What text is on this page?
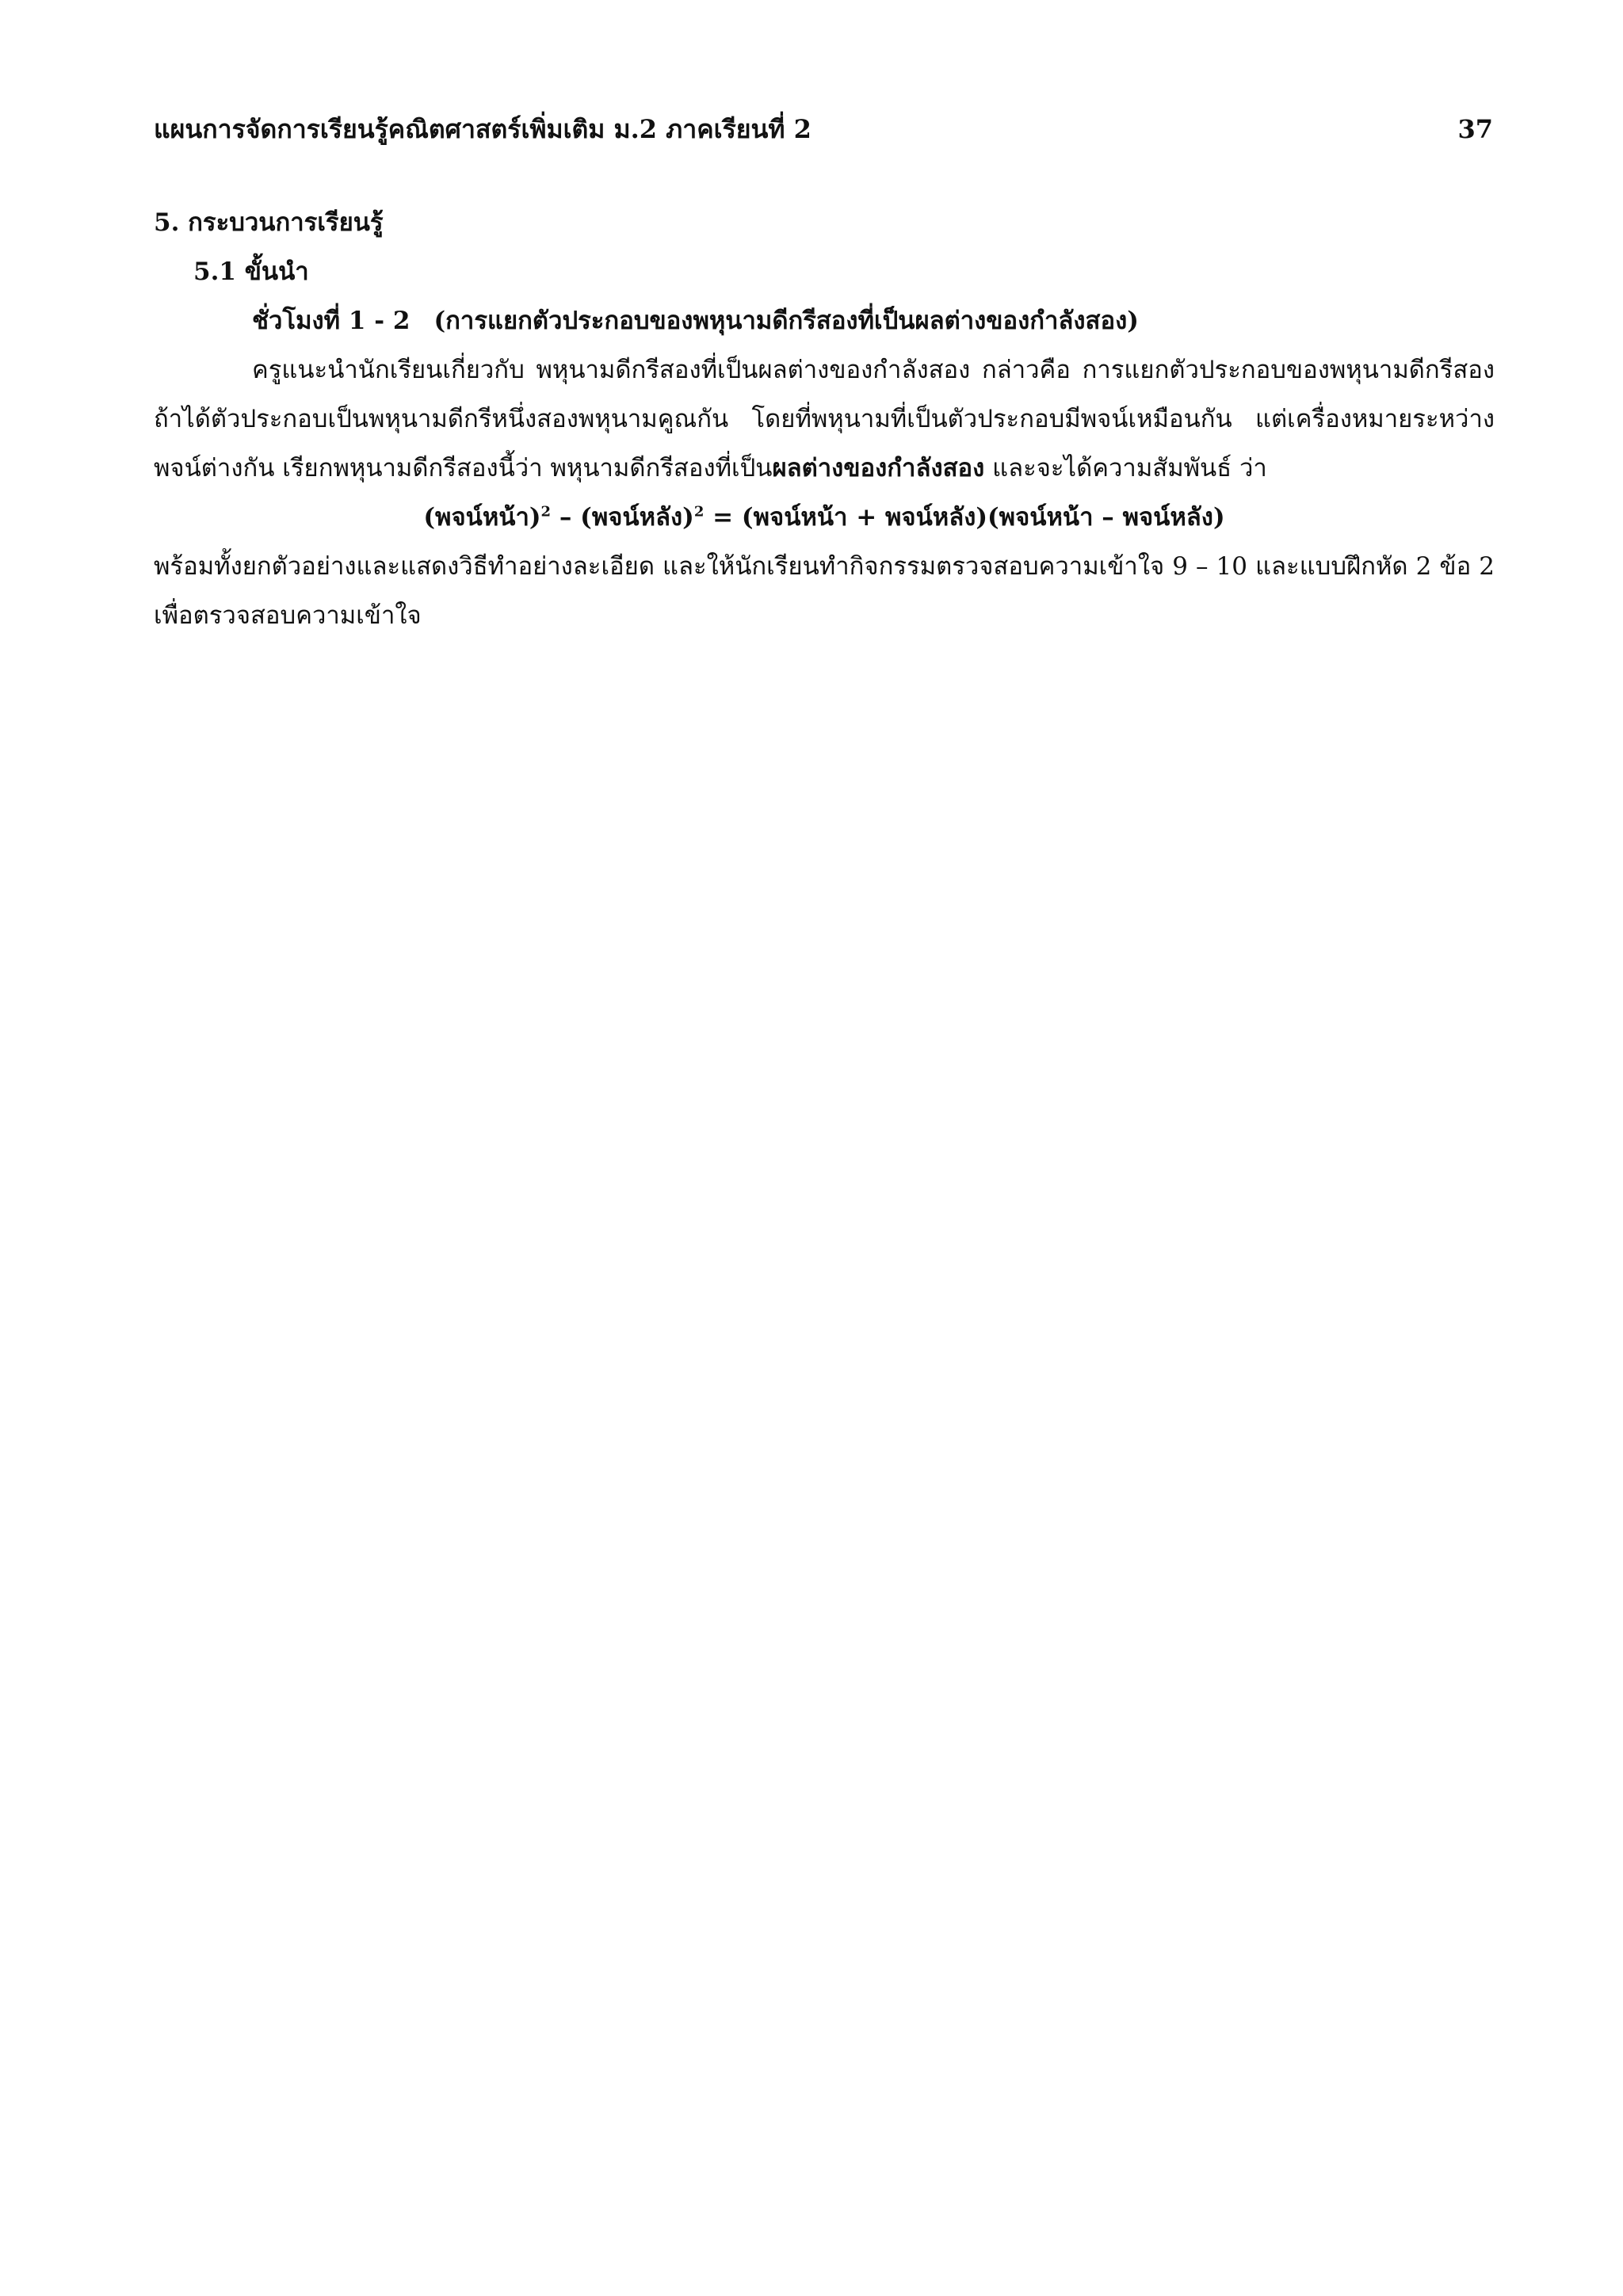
แผนการจัดการเรียนรู้คณิตศาสตร์เพิ่มเติม ม.2 ภาคเรียนที่ 2	37
5. กระบวนการเรียนรู้
5.1 ขั้นนำ
ชั่วโมงที่ 1 - 2 (การแยกตัวประกอบของพหุนามดีกรีสองที่เป็นผลต่างของกำลังสอง)

ครูแนะนำนักเรียนเกี่ยวกับ พหุนามดีกรีสองที่เป็นผลต่างของกำลังสอง กล่าวคือ การแยกตัวประกอบของพหุนามดีกรีสอง ถ้าได้ตัวประกอบเป็นพหุนามดีกรีหนึ่งสองพหุนามคูณกัน โดยที่พหุนามที่เป็นตัวประกอบมีพจน์เหมือนกัน แต่เครื่องหมายระหว่างพจน์ต่างกัน เรียกพหุนามดีกรีสองนี้ว่า พหุนามดีกรีสองที่เป็นผลต่างของกำลังสอง และจะได้ความสัมพันธ์ ว่า

(พจน์หน้า)$^2$ – (พจน์หลัง)$^2$ = (พจน์หน้า + พจน์หลัง)(พจน์หน้า – พจน์หลัง)

พร้อมทั้งยกตัวอย่างและแสดงวิธีทำอย่างละเอียด และให้นักเรียนทำกิจกรรมตรวจสอบความเข้าใจ 9 – 10 และแบบฝึกหัด 2 ข้อ 2 เพื่อตรวจสอบความเข้าใจ
